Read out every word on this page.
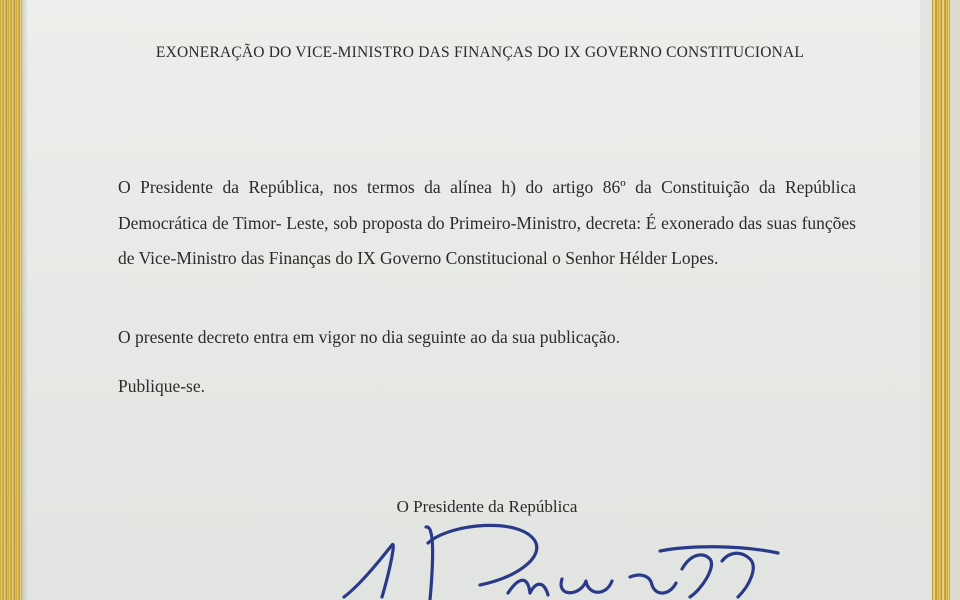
EXONERAÇÃO DO VICE-MINISTRO DAS FINANÇAS DO IX GOVERNO CONSTITUCIONAL
O Presidente da República, nos termos da alínea h) do artigo 86º da Constituição da República Democrática de Timor- Leste, sob proposta do Primeiro-Ministro, decreta: É exonerado das suas funções de Vice-Ministro das Finanças do IX Governo Constitucional o Senhor Hélder Lopes.
O presente decreto entra em vigor no dia seguinte ao da sua publicação.
Publique-se.
O Presidente da República
